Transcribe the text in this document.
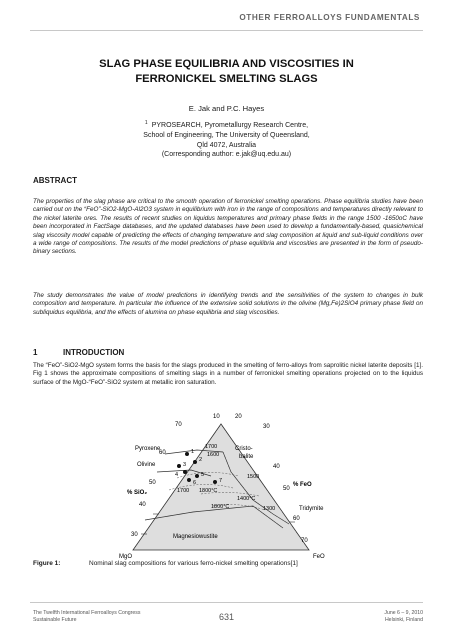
OTHER FERROALLOYS FUNDAMENTALS
SLAG PHASE EQUILIBRIA AND VISCOSITIES IN
FERRONICKEL SMELTING SLAGS
E. Jak and P.C. Hayes
$^1$ PYROSEARCH, Pyrometallurgy Research Centre,
School of Engineering, The University of Queensland,
Qld 4072, Australia
(Corresponding author: e.jak@uq.edu.au)
ABSTRACT
The properties of the slag phase are critical to the smooth operation of ferronickel smelting operations. Phase equilibria studies have been carried out on the “FeO”-SiO2-MgO-Al2O3 system in equilibrium with iron in the range of compositions and temperatures directly relevant to the nickel laterite ores. The results of recent studies on liquidus temperatures and primary phase fields in the range 1500 -1650oC have been incorporated in FactSage databases, and the updated databases have been used to develop a fundamentally-based, quasichemical slag viscosity model capable of predicting the effects of changing temperature and slag composition at liquid and sub-liquid conditions over a wide range of compositions. The results of the model predictions of phase equilibria and viscosities are presented in the form of pseudo-binary sections.
The study demonstrates the value of model predictions in identifying trends and the sensitivities of the system to changes in bulk composition and temperature. In particular the influence of the extensive solid solutions in the olivine (Mg,Fe)2SiO4 primary phase field on subliquidus equilibria, and the effects of alumina on phase equilibria and slag viscosities.
1	INTRODUCTION
The “FeO”-SiO2-MgO system forms the basis for the slags produced in the smelting of ferro-alloys from saprolitic nickel laterite deposits [1]. Fig 1 shows the approximate compositions of smelting slags in a number of ferronickel smelting operations projected on to the liquidus surface of the MgO-“FeO”-SiO2 system at metallic iron saturation.
70
10	20
30
60
50
40
30
40
50
60
70
Pyroxene
Olivine
% SiO₂
Cristo-
balite
% FeO
Tridymite
Magnesiowustite
MgO	FeO
1700
1600
1700 1800°C
1500
1400°C
1300
1800°C
1
2
3
4	5
6	7
Figure 1:	Nominal slag compositions for various ferro-nickel smelting operations[1]
The Twelfth International Ferroalloys Congress
Sustainable Future	631	June 6 – 9, 2010
Helsinki, Finland
